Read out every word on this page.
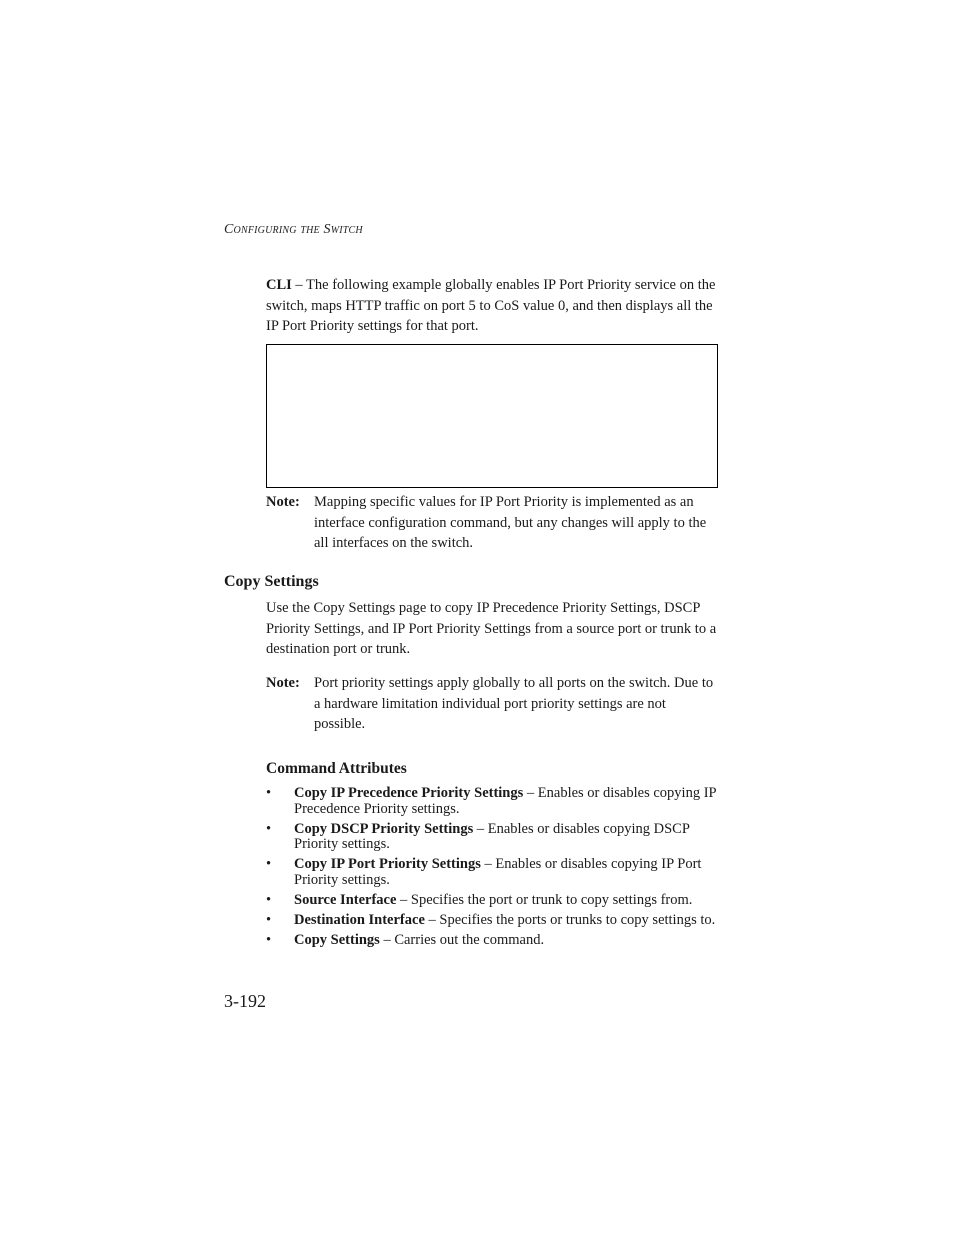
Configuring the Switch

CLI – The following example globally enables IP Port Priority service on the switch, maps HTTP traffic on port 5 to CoS value 0, and then displays all the IP Port Priority settings for that port.

Note: Mapping specific values for IP Port Priority is implemented as an interface configuration command, but any changes will apply to the all interfaces on the switch.
Copy Settings

Use the Copy Settings page to copy IP Precedence Priority Settings, DSCP Priority Settings, and IP Port Priority Settings from a source port or trunk to a destination port or trunk.

Note: Port priority settings apply globally to all ports on the switch. Due to a hardware limitation individual port priority settings are not possible.
Command Attributes
• Copy IP Precedence Priority Settings – Enables or disables copying IP Precedence Priority settings.
• Copy DSCP Priority Settings – Enables or disables copying DSCP Priority settings.
• Copy IP Port Priority Settings – Enables or disables copying IP Port Priority settings.
• Source Interface – Specifies the port or trunk to copy settings from.
• Destination Interface – Specifies the ports or trunks to copy settings to.
• Copy Settings – Carries out the command.
3-192
